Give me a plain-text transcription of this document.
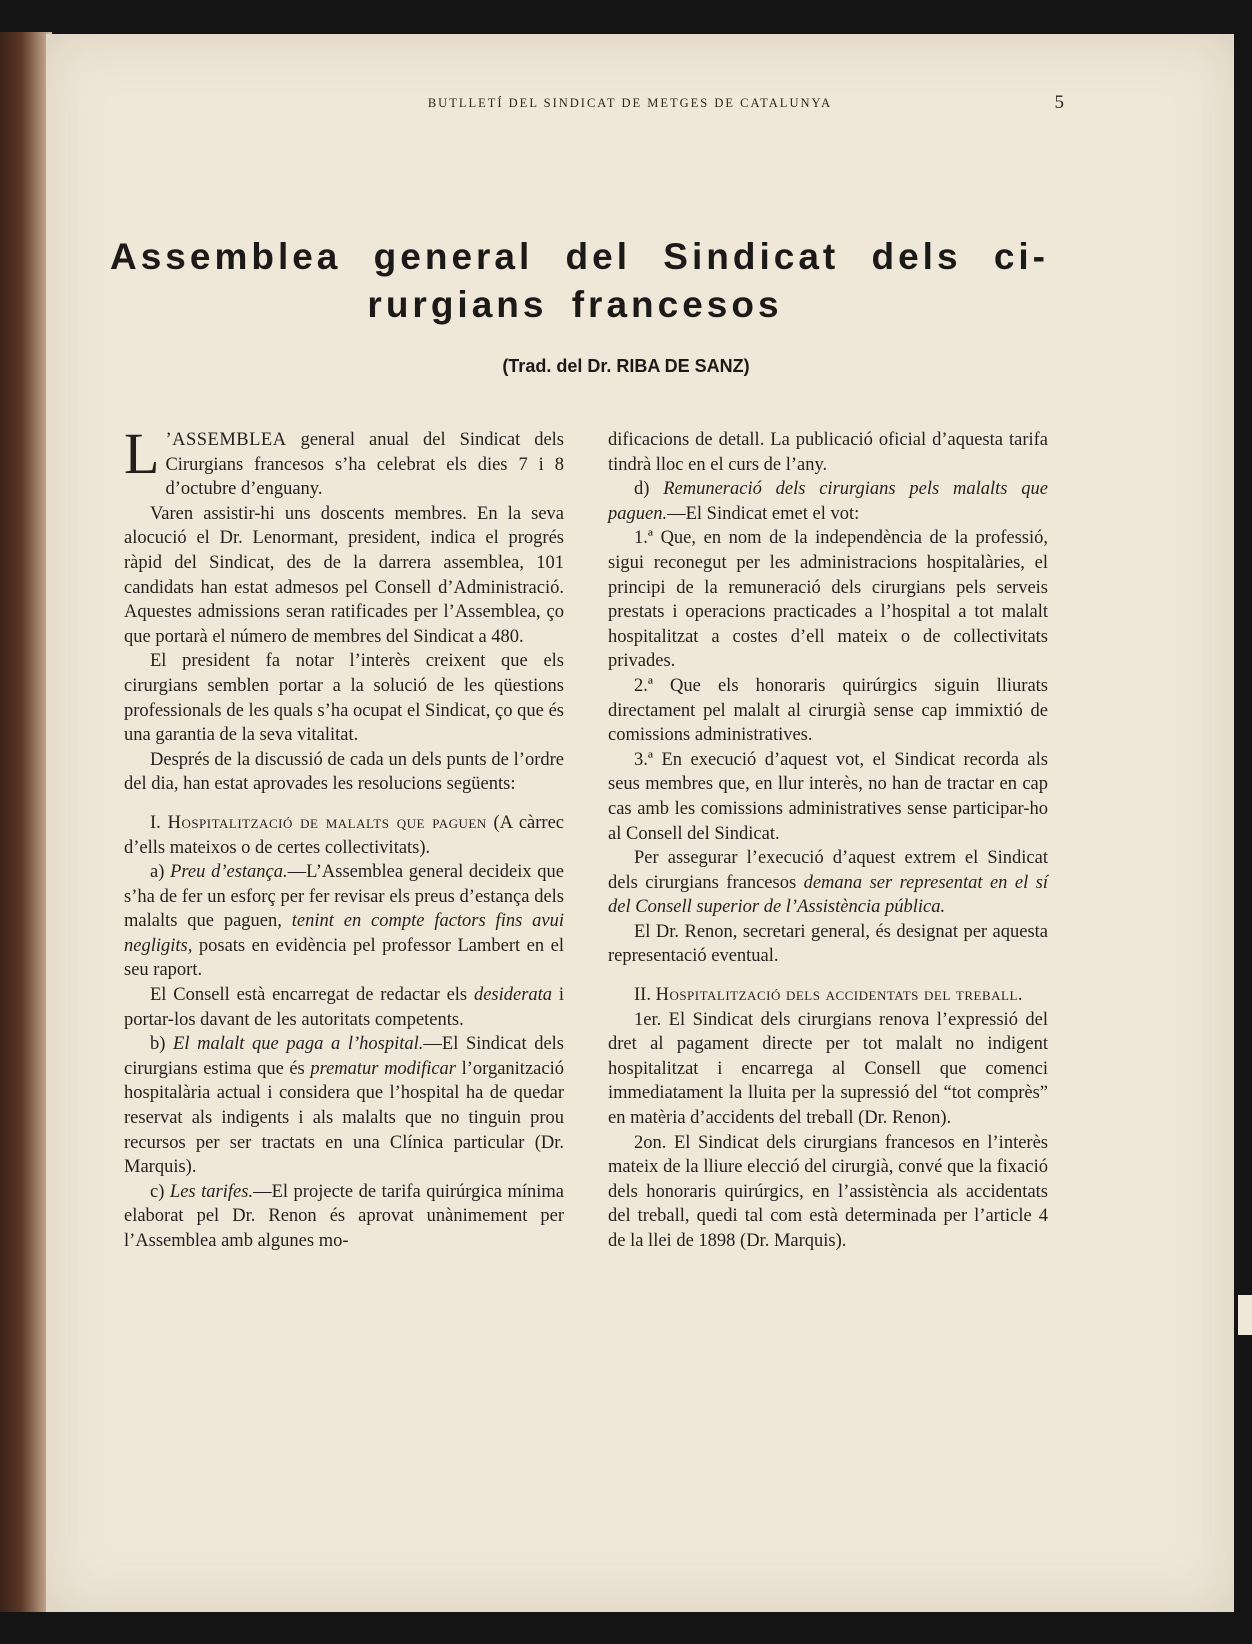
BUTLLETÍ DEL SINDICAT DE METGES DE CATALUNYA	5
Assemblea general del Sindicat dels ci-
rurgians francesos
(Trad. del Dr. RIBA DE SANZ)

L ’ASSEMBLEA general anual del Sindicat dels Cirurgians francesos s’ha celebrat els dies 7 i 8 d’octubre d’enguany.

Varen assistir-hi uns doscents membres. En la seva alocució el Dr. Lenormant, president, indica el progrés ràpid del Sindicat, des de la darrera assemblea, 101 candidats han estat admesos pel Consell d’Administració. Aquestes admissions seran ratificades per l’Assemblea, ço que portarà el número de membres del Sindicat a 480.

El president fa notar l’interès creixent que els cirurgians semblen portar a la solució de les qüestions professionals de les quals s’ha ocupat el Sindicat, ço que és una garantia de la seva vitalitat.

Després de la discussió de cada un dels punts de l’ordre del dia, han estat aprovades les resolucions següents:

I. Hospitalització de malalts que paguen (A càrrec d’ells mateixos o de certes collectivitats).

a) Preu d’estança.—L’Assemblea general decideix que s’ha de fer un esforç per fer revisar els preus d’estança dels malalts que paguen, tenint en compte factors fins avui negligits, posats en evidència pel professor Lambert en el seu raport.

El Consell està encarregat de redactar els desiderata i portar-los davant de les autoritats competents.

b) El malalt que paga a l’hospital.—El Sindicat dels cirurgians estima que és prematur modificar l’organització hospitalària actual i considera que l’hospital ha de quedar reservat als indigents i als malalts que no tinguin prou recursos per ser tractats en una Clínica particular (Dr. Marquis).

c) Les tarifes.—El projecte de tarifa quirúrgica mínima elaborat pel Dr. Renon és aprovat unànimement per l’Assemblea amb algunes mo-

dificacions de detall. La publicació oficial d’aquesta tarifa tindrà lloc en el curs de l’any.

d) Remuneració dels cirurgians pels malalts que paguen.—El Sindicat emet el vot:

1.ª Que, en nom de la independència de la professió, sigui reconegut per les administracions hospitalàries, el principi de la remuneració dels cirurgians pels serveis prestats i operacions practicades a l’hospital a tot malalt hospitalitzat a costes d’ell mateix o de collectivitats privades.

2.ª Que els honoraris quirúrgics siguin lliurats directament pel malalt al cirurgià sense cap immixtió de comissions administratives.

3.ª En execució d’aquest vot, el Sindicat recorda als seus membres que, en llur interès, no han de tractar en cap cas amb les comissions administratives sense participar-ho al Consell del Sindicat.

Per assegurar l’execució d’aquest extrem el Sindicat dels cirurgians francesos demana ser representat en el sí del Consell superior de l’Assistència pública.

El Dr. Renon, secretari general, és designat per aquesta representació eventual.

II. Hospitalització dels accidentats del treball.

1er. El Sindicat dels cirurgians renova l’expressió del dret al pagament directe per tot malalt no indigent hospitalitzat i encarrega al Consell que comenci immediatament la lluita per la supressió del “tot comprès” en matèria d’accidents del treball (Dr. Renon).

2on. El Sindicat dels cirurgians francesos en l’interès mateix de la lliure elecció del cirurgià, convé que la fixació dels honoraris quirúrgics, en l’assistència als accidentats del treball, quedi tal com està determinada per l’article 4 de la llei de 1898 (Dr. Marquis).
